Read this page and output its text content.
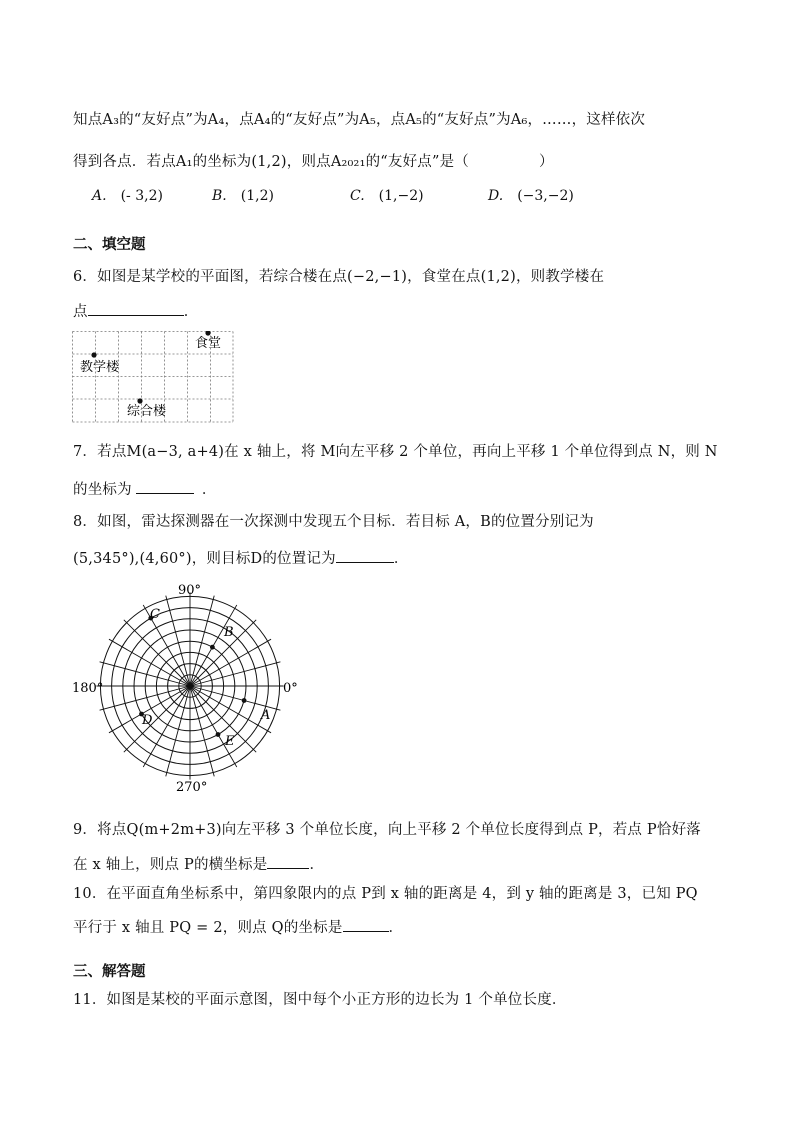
知点A₃的“友好点”为A₄，点A₄的“友好点”为A₅，点A₅的“友好点”为A₆，……，这样依次
得到各点．若点A₁的坐标为(1,2)，则点A₂₀₂₁的“友好点”是（	）
A. (- 3,2)	B. (1,2)	C. (1,−2)	D. (−3,−2)
二、填空题
6．如图是某学校的平面图，若综合楼在点(−2,−1)，食堂在点(1,2)，则教学楼在
点	．
食堂
教学楼
综合楼
7．若点M(a−3, a+4)在 x 轴上，将 M向左平移 2 个单位，再向上平移 1 个单位得到点 N，则 N
的坐标为	．
8．如图，雷达探测器在一次探测中发现五个目标．若目标 A，B的位置分别记为
(5,345°),(4,60°)，则目标D的位置记为	．
90°
180°	0°
270°
A
B
C
D
E
9．将点Q(m+2m+3)向左平移 3 个单位长度，向上平移 2 个单位长度得到点 P，若点 P恰好落
在 x 轴上，则点 P的横坐标是	．
10．在平面直角坐标系中，第四象限内的点 P到 x 轴的距离是 4，到 y 轴的距离是 3，已知 PQ
平行于 x 轴且 PQ = 2，则点 Q的坐标是	．
三、解答题
11．如图是某校的平面示意图，图中每个小正方形的边长为 1 个单位长度．
